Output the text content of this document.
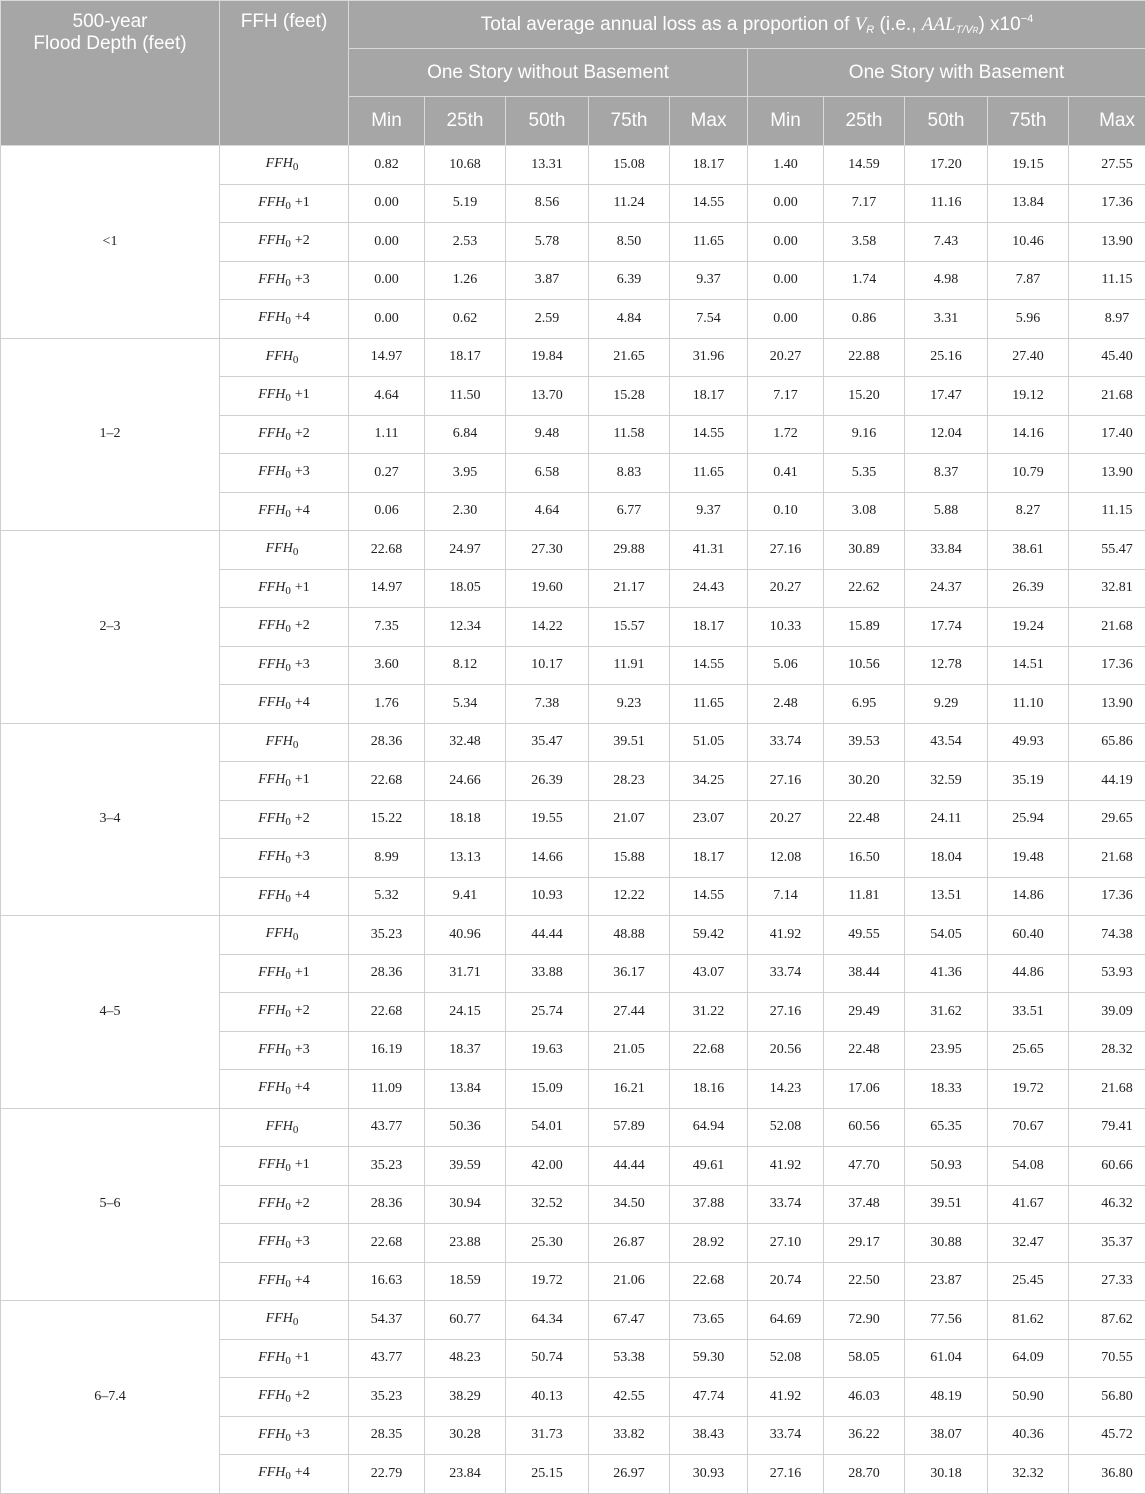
500-year
Flood Depth (feet)	FFH (feet)	Total average annual loss as a proportion of $V_R$ (i.e., $AAL_{T/VR}$) $x10^{-4}$
		One Story without Basement					One Story with Basement				
		Min	25th	50th	75th	Max	Min	25th	50th	75th	Max
<1	$FFH_0$	0.82	10.68	13.31	15.08	18.17	1.40	14.59	17.20	19.15	27.55
	$FFH_0 +1$	0.00	5.19	8.56	11.24	14.55	0.00	7.17	11.16	13.84	17.36
	$FFH_0 +2$	0.00	2.53	5.78	8.50	11.65	0.00	3.58	7.43	10.46	13.90
	$FFH_0 +3$	0.00	1.26	3.87	6.39	9.37	0.00	1.74	4.98	7.87	11.15
	$FFH_0 +4$	0.00	0.62	2.59	4.84	7.54	0.00	0.86	3.31	5.96	8.97
1–2	$FFH_0$	14.97	18.17	19.84	21.65	31.96	20.27	22.88	25.16	27.40	45.40
	$FFH_0 +1$	4.64	11.50	13.70	15.28	18.17	7.17	15.20	17.47	19.12	21.68
	$FFH_0 +2$	1.11	6.84	9.48	11.58	14.55	1.72	9.16	12.04	14.16	17.40
	$FFH_0 +3$	0.27	3.95	6.58	8.83	11.65	0.41	5.35	8.37	10.79	13.90
	$FFH_0 +4$	0.06	2.30	4.64	6.77	9.37	0.10	3.08	5.88	8.27	11.15
2–3	$FFH_0$	22.68	24.97	27.30	29.88	41.31	27.16	30.89	33.84	38.61	55.47
	$FFH_0 +1$	14.97	18.05	19.60	21.17	24.43	20.27	22.62	24.37	26.39	32.81
	$FFH_0 +2$	7.35	12.34	14.22	15.57	18.17	10.33	15.89	17.74	19.24	21.68
	$FFH_0 +3$	3.60	8.12	10.17	11.91	14.55	5.06	10.56	12.78	14.51	17.36
	$FFH_0 +4$	1.76	5.34	7.38	9.23	11.65	2.48	6.95	9.29	11.10	13.90
3–4	$FFH_0$	28.36	32.48	35.47	39.51	51.05	33.74	39.53	43.54	49.93	65.86
	$FFH_0 +1$	22.68	24.66	26.39	28.23	34.25	27.16	30.20	32.59	35.19	44.19
	$FFH_0 +2$	15.22	18.18	19.55	21.07	23.07	20.27	22.48	24.11	25.94	29.65
	$FFH_0 +3$	8.99	13.13	14.66	15.88	18.17	12.08	16.50	18.04	19.48	21.68
	$FFH_0 +4$	5.32	9.41	10.93	12.22	14.55	7.14	11.81	13.51	14.86	17.36
4–5	$FFH_0$	35.23	40.96	44.44	48.88	59.42	41.92	49.55	54.05	60.40	74.38
	$FFH_0 +1$	28.36	31.71	33.88	36.17	43.07	33.74	38.44	41.36	44.86	53.93
	$FFH_0 +2$	22.68	24.15	25.74	27.44	31.22	27.16	29.49	31.62	33.51	39.09
	$FFH_0 +3$	16.19	18.37	19.63	21.05	22.68	20.56	22.48	23.95	25.65	28.32
	$FFH_0 +4$	11.09	13.84	15.09	16.21	18.16	14.23	17.06	18.33	19.72	21.68
5–6	$FFH_0$	43.77	50.36	54.01	57.89	64.94	52.08	60.56	65.35	70.67	79.41
	$FFH_0 +1$	35.23	39.59	42.00	44.44	49.61	41.92	47.70	50.93	54.08	60.66
	$FFH_0 +2$	28.36	30.94	32.52	34.50	37.88	33.74	37.48	39.51	41.67	46.32
	$FFH_0 +3$	22.68	23.88	25.30	26.87	28.92	27.10	29.17	30.88	32.47	35.37
	$FFH_0 +4$	16.63	18.59	19.72	21.06	22.68	20.74	22.50	23.87	25.45	27.33
6–7.4	$FFH_0$	54.37	60.77	64.34	67.47	73.65	64.69	72.90	77.56	81.62	87.62
	$FFH_0 +1$	43.77	48.23	50.74	53.38	59.30	52.08	58.05	61.04	64.09	70.55
	$FFH_0 +2$	35.23	38.29	40.13	42.55	47.74	41.92	46.03	48.19	50.90	56.80
	$FFH_0 +3$	28.35	30.28	31.73	33.82	38.43	33.74	36.22	38.07	40.36	45.72
	$FFH_0 +4$	22.79	23.84	25.15	26.97	30.93	27.16	28.70	30.18	32.32	36.80
